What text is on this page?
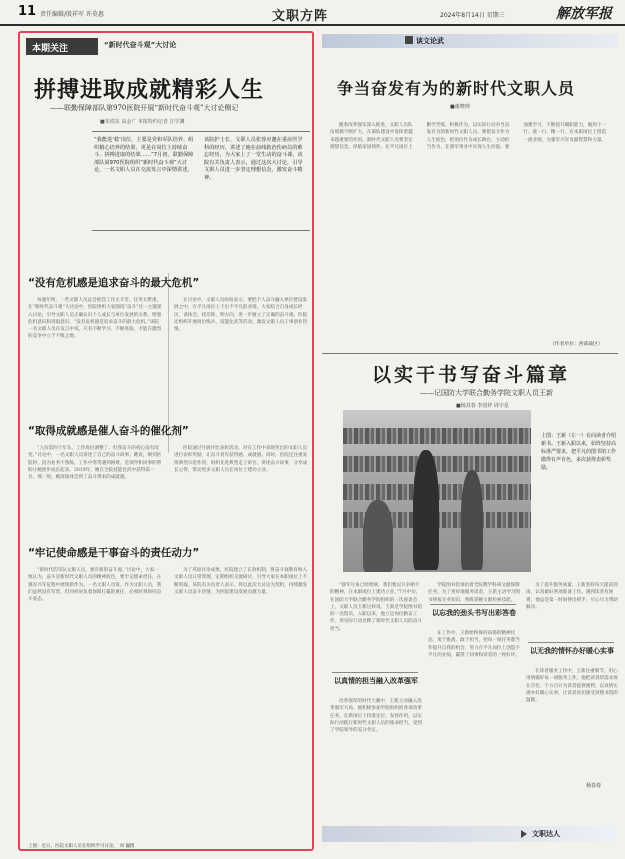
11 责任编辑/殷祥军 许莫惠	文职方阵	2024年8月14日 星期三	解放军报
本期关注	“新时代奋斗观”大讨论
拼搏进取成就精彩人生
——联勤保障部队第970医院开展“新时代奋斗观”大讨论侧记
■朱铁东 高金广 本报特约记者 汪学渊
“我能进‘救’岗位，主要是党和军队培养、组织精心培养的结果，更是在岗位上持续奋斗、拼搏进取的结果……”7月初，联勤保障部队第970医院组织“新时代奋斗观”大讨论，一名文职人员在交流发言中深情讲述。
该院护士长、文职人员张蓉应邀在重症医学科的经历，讲述了她在前线救治伤病员的难忘经历，为大家上了一堂生动的奋斗课。该院有关负责人表示，通过这次大讨论，引导文职人员进一步坚定理想信念，激发奋斗精神。
“没有危机感是追求奋斗的最大危机”

每逢年终，一些文职人员总会抱怨工作太辛苦、任务太繁重。在“新时代奋斗观”大讨论中，医院组织大家围绕“奋斗”这一主题深入讨论，引导文职人员正确认识个人成长与单位发展的关系，增强危机意识和进取意识。“没有危机感是追求奋斗的最大危机。”该院一名文职人员在发言中说，只有不断学习、不断进取，才能在激烈的竞争中立于不败之地。

在讨论中，文职人员纷纷表示，要把个人奋斗融入单位建设发展之中，在平凡岗位上干出不平凡的业绩。大家结合自身成长经历，谈体会、找差距、明方向，进一步树立了正确的奋斗观。医院还组织开展岗位练兵、技能比武等活动，激发文职人员干事创业热情。

“取得成就感是催人奋斗的催化剂”

“入伍第四个年头，工作岗位调整了，但我奋斗的初心没有改变。”讨论中，一名文职人员讲述了自己的奋斗故事。她说，刚到医院时，因为业务不熟练，工作中常常遇到困难，是领导和同事的帮助让她逐步成长起来。2019年，她在全院技能比武中获得第一名，那一刻，她深深体会到了奋斗带来的成就感。

医院通过开展评比表彰活动，对在工作中表现突出的文职人员进行表彰奖励，让奋斗者有获得感、成就感。同时，医院还注重发挥典型示范作用，组织先进典型走上讲台，讲述奋斗故事，分享成长心得，带动更多文职人员在岗位上建功立业。

“牢记使命感是干事奋斗的责任动力”

“新时代的军队文职人员，要有新的奋斗观。”讨论中，大家一致认为，奋斗是新时代文职人员的精神底色，要牢记使命责任，在强军兴军征程中展现新作为。一名文职人员说，作为文职人员，我们虽然没有军装，但同样肩负着保障打赢的重任，必须时刻保持奋斗姿态。

为了巩固讨论成果，医院建立了长效机制，将奋斗观教育纳入文职人员日常管理，定期组织交流研讨，引导大家在本职岗位上不断进取。该院有关负责人表示，将以此次大讨论为契机，持续激发文职人员奋斗热情，为医院建设发展贡献力量。

上图：近日，医院文职人员在组织学习讨论。 刘 巍摄
谈文论武
争当奋发有为的新时代文职人员
■谢晓帅

随着改革强军深入推进，文职人员队伍规模不断扩大，在部队建设中发挥着越来越重要的作用。新时代文职人员要坚定理想信念，厚植家国情怀，在平凡岗位上勤学苦练、积极作为，以实际行动争当奋发有为的新时代文职人员。要把奋斗作为人生底色，把岗位作为成长舞台，主动担当作为，在强军事业中实现人生价值。要加强学习，不断提升履职能力，做到干一行、爱一行、精一行，在本职岗位上创造一流业绩，为强军兴军贡献智慧和力量。

（作者单位：西部战区）
以实干书写奋斗篇章
——记国防大学联合勤务学院文职人员王新
■杨其春 李国祥 周宇星
上图：王新（左一）在向读者介绍新书。王新入职以来，始终坚持高标准严要求，把平凡的图书馆工作做得有声有色，多次获得表彰奖励。

“强军号角已经吹响，我们要以只争朝夕的精神，在本职岗位上建功立业。”7月中旬，在国防大学联合勤务学院组织的一次座谈会上，文职人员王新这样说。王新是学院图书馆的一名馆员，入职以来，他立足岗位勤奋工作，用实际行动诠释了新时代文职人员的奋斗担当。

学院图书馆承担着全院教学科研文献保障任务，为了更好地服务读者，王新主动学习图书情报专业知识，熟练掌握文献检索技能。

为了提升服务质量，王新坚持每天提前到岗，认真做好各项准备工作。遇到读者有困难，他总是第一时间伸出援手，尽心尽力帮助解决。

以真情的担当融入改革强军
以忘我的劲头书写出彩答卷
以无我的情怀办好暖心实事

改革强军的时代大潮中，王新主动融入改革强军大局，他积极参加学院组织的各项改革任务，在新岗位上找准定位、发挥作用，以实际行动践行新时代文职人员的使命担当，受到了学院领导的充分肯定。

在工作中，王新始终保持昂扬的精神状态，勇于挑战、敢于担当，把每一项任务都当作提升自我的机会，努力在平凡岗位上创造不平凡的业绩，赢得了同事和读者的一致好评。

在读者服务工作中，王新注重细节，用心用情做好每一项服务工作，他把读者的需求放在首位，千方百计为读者提供便利，以真情实感办好暖心实事，让读者真切感受到图书馆的温暖。

杨春春
文职达人
